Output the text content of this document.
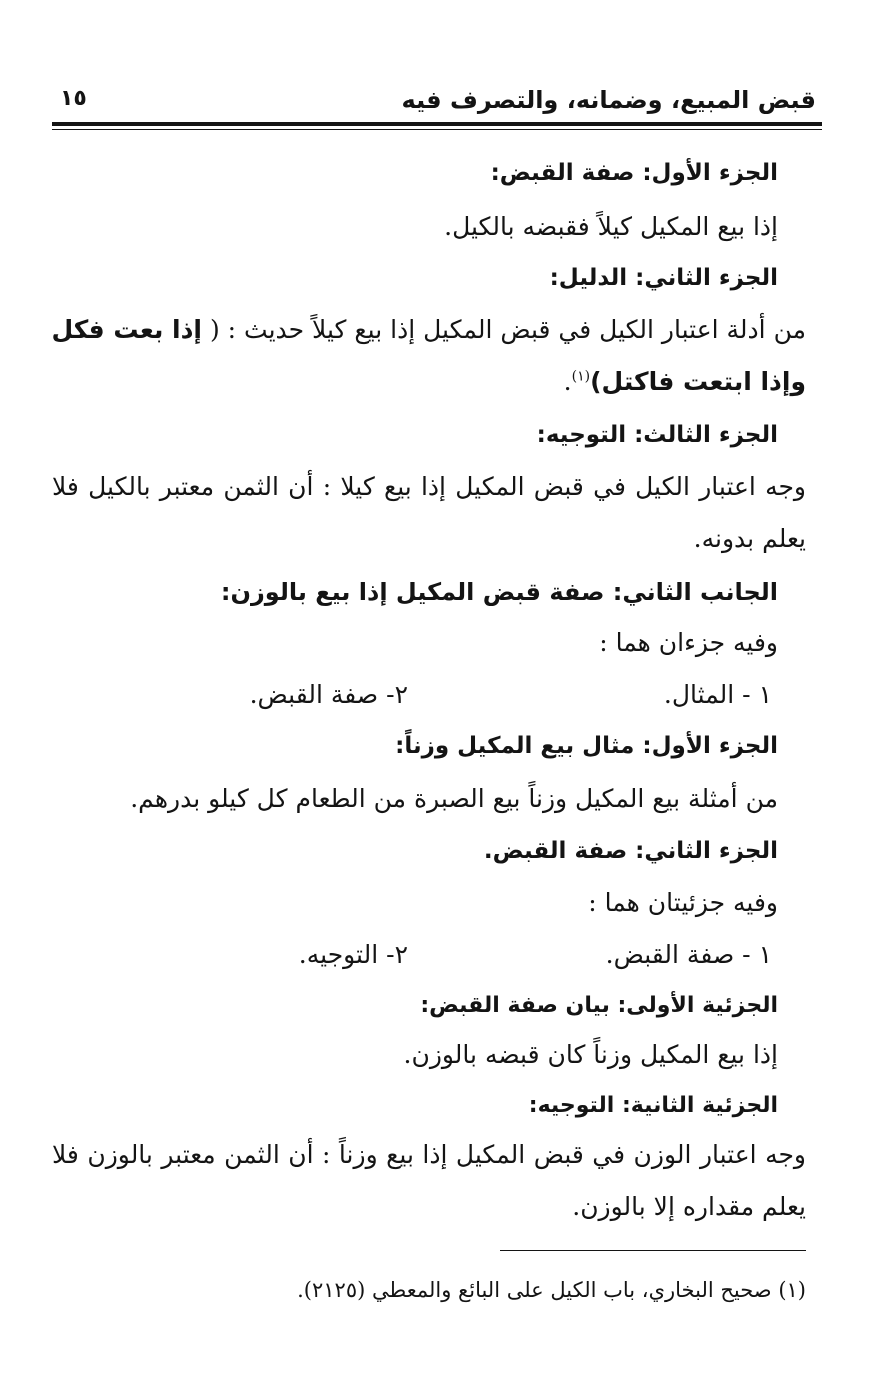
قبض المبيع، وضمانه، والتصرف فيه
١٥
الجزء الأول: صفة القبض:
إذا بيع المكيل كيلاً فقبضه بالكيل.
الجزء الثاني: الدليل:
من أدلة اعتبار الكيل في قبض المكيل إذا بيع كيلاً حديث : ( إذا بعت فكل
وإذا ابتعت فاكتل)$^{(١)}$.
الجزء الثالث: التوجيه:
وجه اعتبار الكيل في قبض المكيل إذا بيع كيلا : أن الثمن معتبر بالكيل فلا
يعلم بدونه.
الجانب الثاني: صفة قبض المكيل إذا بيع بالوزن:
وفيه جزءان هما :
١ - المثال.
٢- صفة القبض.
الجزء الأول: مثال بيع المكيل وزناً:
من أمثلة بيع المكيل وزناً بيع الصبرة من الطعام كل كيلو بدرهم.
الجزء الثاني: صفة القبض.
وفيه جزئيتان هما :
١ - صفة القبض.
٢- التوجيه.
الجزئية الأولى: بيان صفة القبض:
إذا بيع المكيل وزناً كان قبضه بالوزن.
الجزئية الثانية: التوجيه:
وجه اعتبار الوزن في قبض المكيل إذا بيع وزناً : أن الثمن معتبر بالوزن فلا
يعلم مقداره إلا بالوزن.
(١) صحيح البخاري، باب الكيل على البائع والمعطي (٢١٢٥).
